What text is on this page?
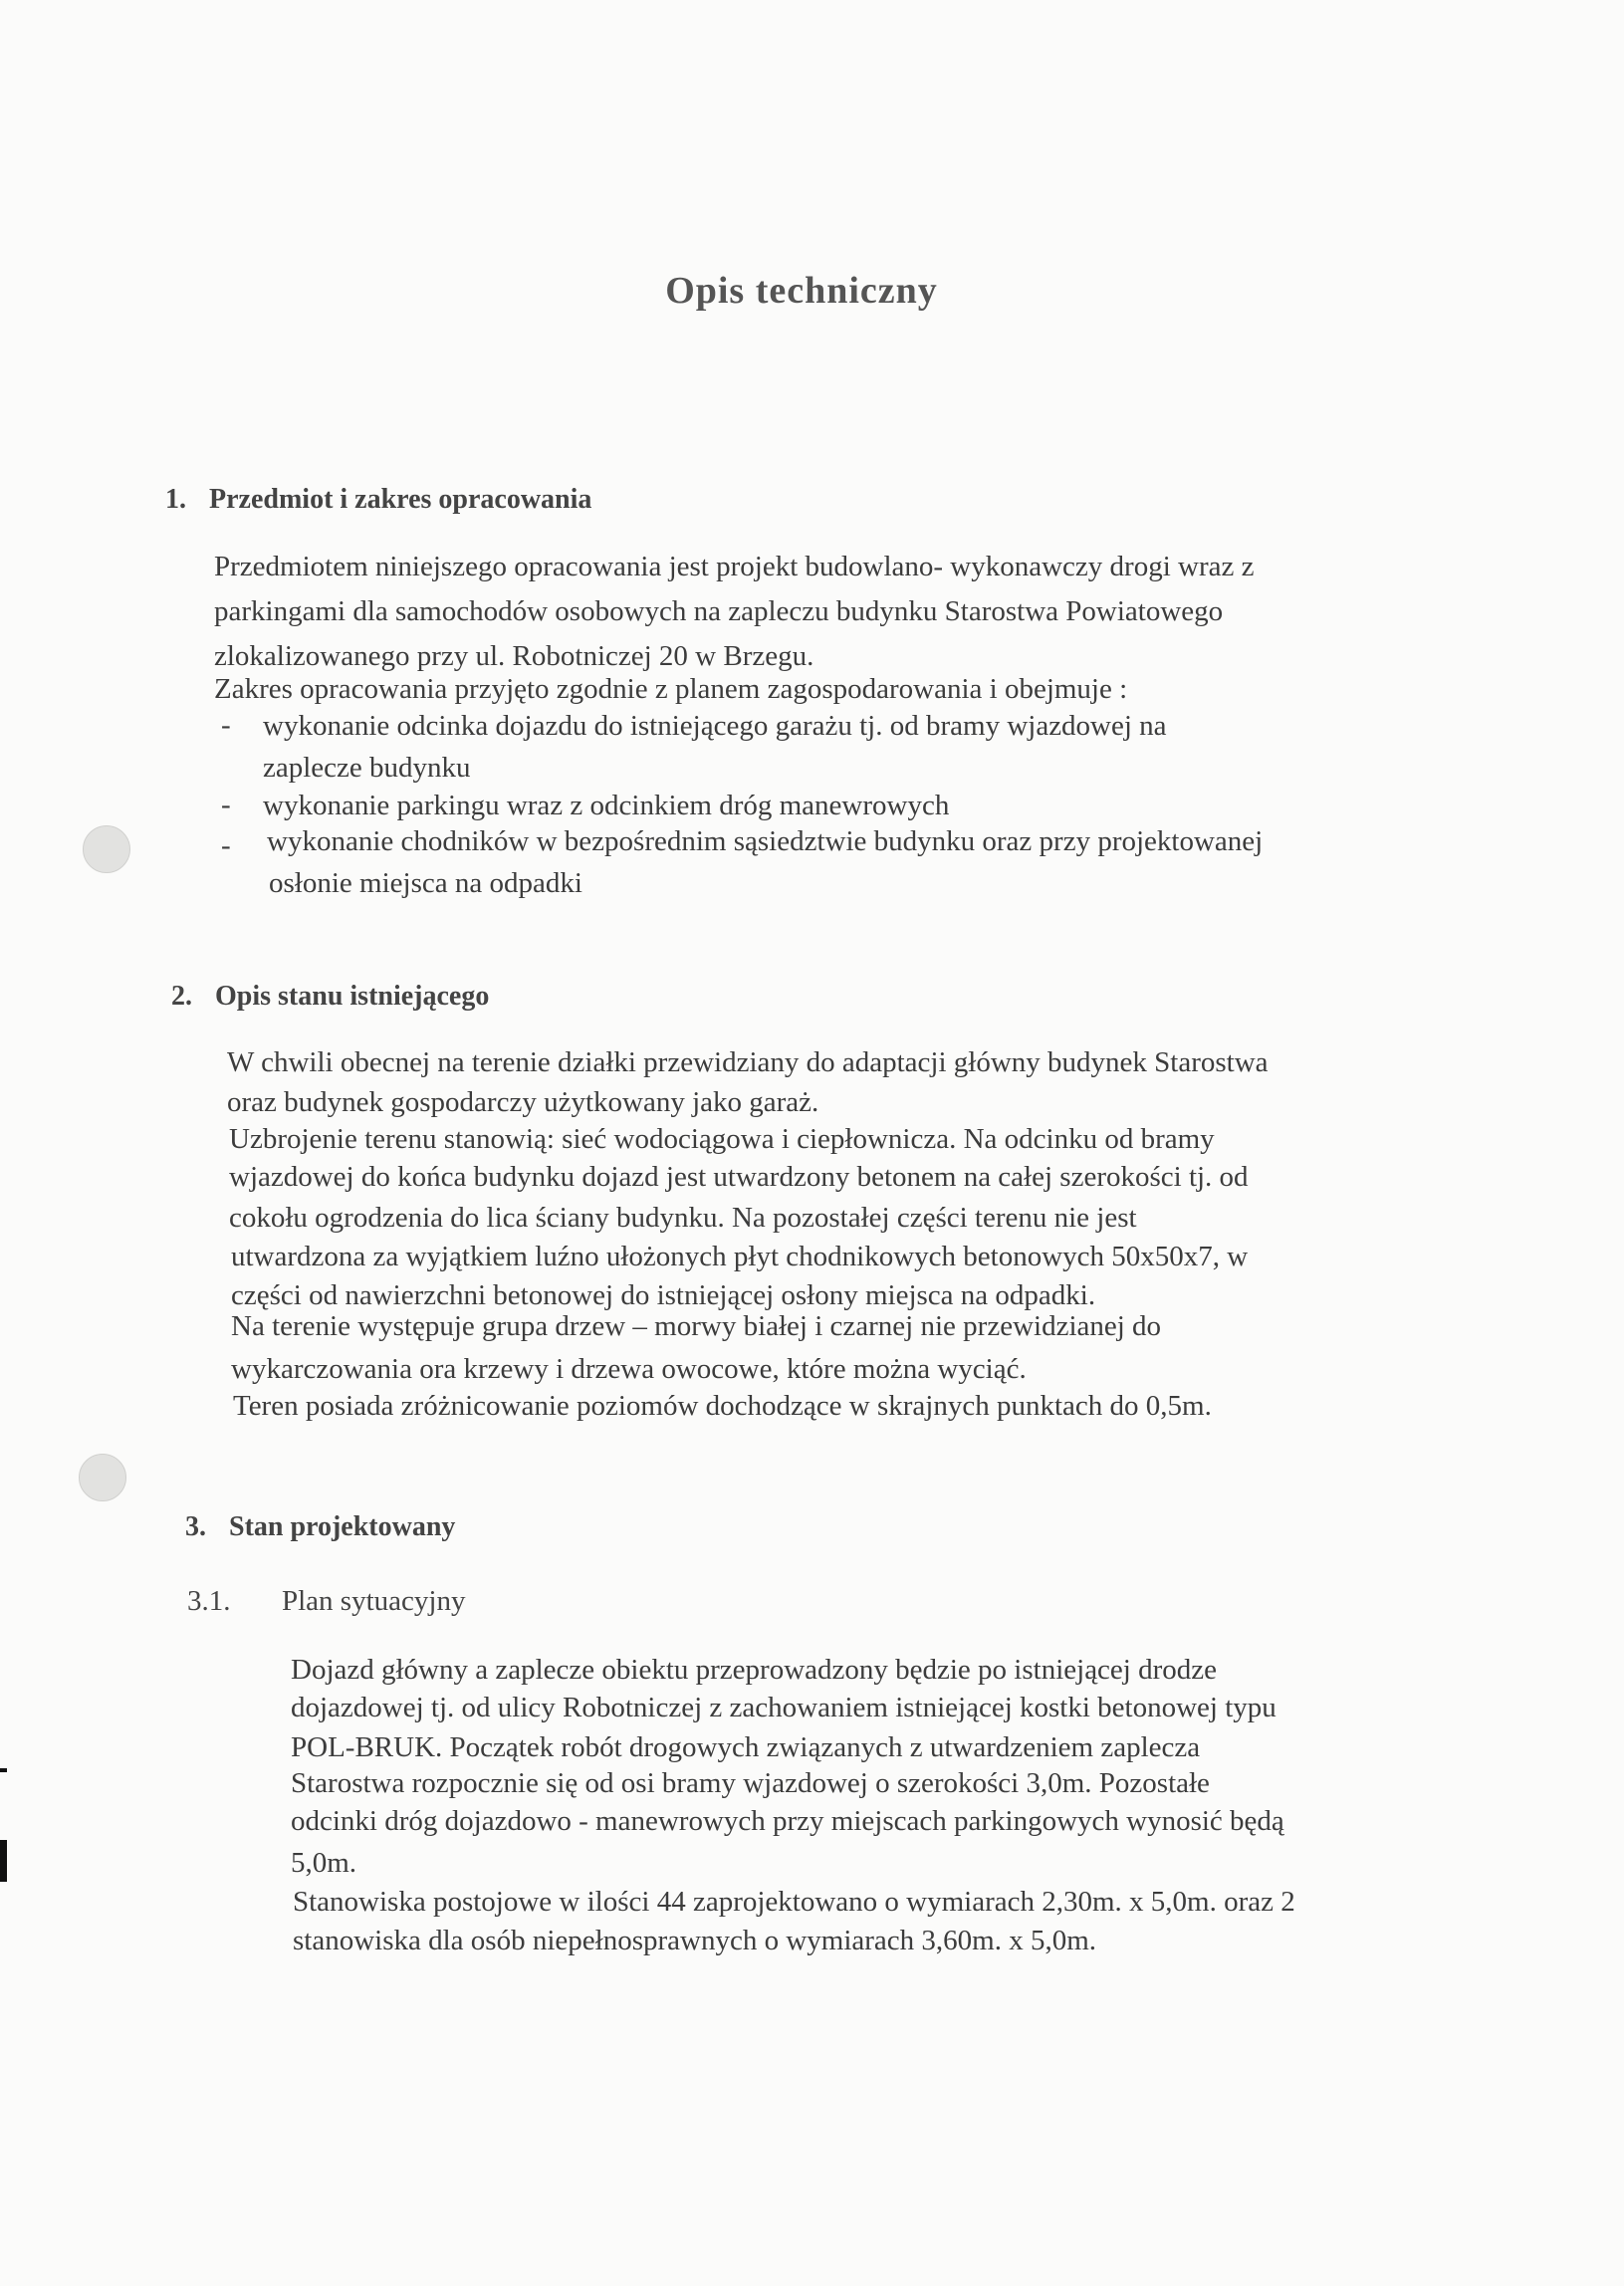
Opis techniczny
1. Przedmiot i zakres opracowania
Przedmiotem niniejszego opracowania jest projekt budowlano- wykonawczy drogi wraz z
parkingami dla samochodów osobowych na zapleczu budynku Starostwa Powiatowego
zlokalizowanego przy ul. Robotniczej 20 w Brzegu.
Zakres opracowania przyjęto zgodnie z planem zagospodarowania i obejmuje :
- wykonanie odcinka dojazdu do istniejącego garażu tj. od bramy wjazdowej na
zaplecze budynku
- wykonanie parkingu wraz z odcinkiem dróg manewrowych
- wykonanie chodników w bezpośrednim sąsiedztwie budynku oraz przy projektowanej
osłonie miejsca na odpadki
2. Opis stanu istniejącego
W chwili obecnej na terenie działki przewidziany do adaptacji główny budynek Starostwa
oraz budynek gospodarczy użytkowany jako garaż.
Uzbrojenie terenu stanowią: sieć wodociągowa i ciepłownicza. Na odcinku od bramy
wjazdowej do końca budynku dojazd jest utwardzony betonem na całej szerokości tj. od
cokołu ogrodzenia do lica ściany budynku. Na pozostałej części terenu nie jest
utwardzona za wyjątkiem luźno ułożonych płyt chodnikowych betonowych 50x50x7, w
części od nawierzchni betonowej do istniejącej osłony miejsca na odpadki.
Na terenie występuje grupa drzew – morwy białej i czarnej nie przewidzianej do
wykarczowania ora krzewy i drzewa owocowe, które można wyciąć.
Teren posiada zróżnicowanie poziomów dochodzące w skrajnych punktach do 0,5m.
3. Stan projektowany
3.1. Plan sytuacyjny
Dojazd główny a zaplecze obiektu przeprowadzony będzie po istniejącej drodze
dojazdowej tj. od ulicy Robotniczej z zachowaniem istniejącej kostki betonowej typu
POL-BRUK. Początek robót drogowych związanych z utwardzeniem zaplecza
Starostwa rozpocznie się od osi bramy wjazdowej o szerokości 3,0m. Pozostałe
odcinki dróg dojazdowo - manewrowych przy miejscach parkingowych wynosić będą
5,0m.
Stanowiska postojowe w ilości 44 zaprojektowano o wymiarach 2,30m. x 5,0m. oraz 2
stanowiska dla osób niepełnosprawnych o wymiarach 3,60m. x 5,0m.
